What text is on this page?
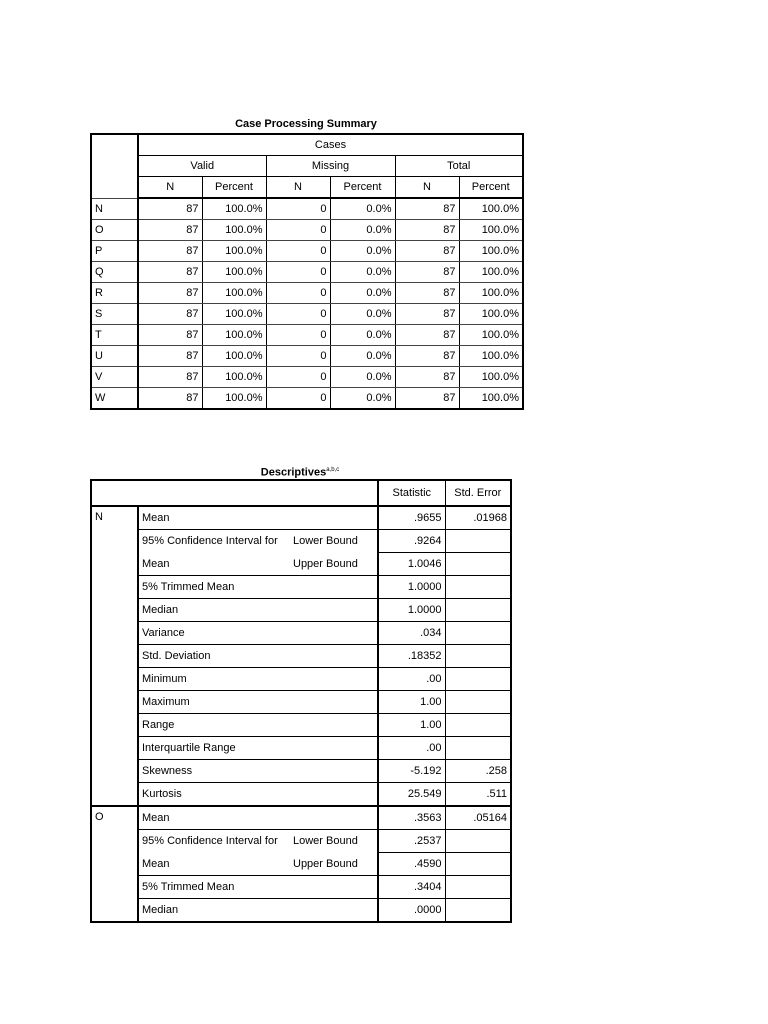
Case Processing Summary
	Cases					
	Valid		Missing		Total	
	N	Percent	N	Percent	N	Percent
N	87	100.0%	0	0.0%	87	100.0%
O	87	100.0%	0	0.0%	87	100.0%
P	87	100.0%	0	0.0%	87	100.0%
Q	87	100.0%	0	0.0%	87	100.0%
R	87	100.0%	0	0.0%	87	100.0%
S	87	100.0%	0	0.0%	87	100.0%
T	87	100.0%	0	0.0%	87	100.0%
U	87	100.0%	0	0.0%	87	100.0%
V	87	100.0%	0	0.0%	87	100.0%
W	87	100.0%	0	0.0%	87	100.0%
Descriptives$^{a,b,c}$
			Statistic	Std. Error
N	Mean		.9655	.01968
	95% Confidence Interval for	Lower Bound	.9264	
	Mean	Upper Bound	1.0046	
	5% Trimmed Mean		1.0000	
	Median		1.0000	
	Variance		.034	
	Std. Deviation		.18352	
	Minimum		.00	
	Maximum		1.00	
	Range		1.00	
	Interquartile Range		.00	
	Skewness		-5.192	.258
	Kurtosis		25.549	.511
O	Mean		.3563	.05164
	95% Confidence Interval for	Lower Bound	.2537	
	Mean	Upper Bound	.4590	
	5% Trimmed Mean		.3404	
	Median		.0000	
